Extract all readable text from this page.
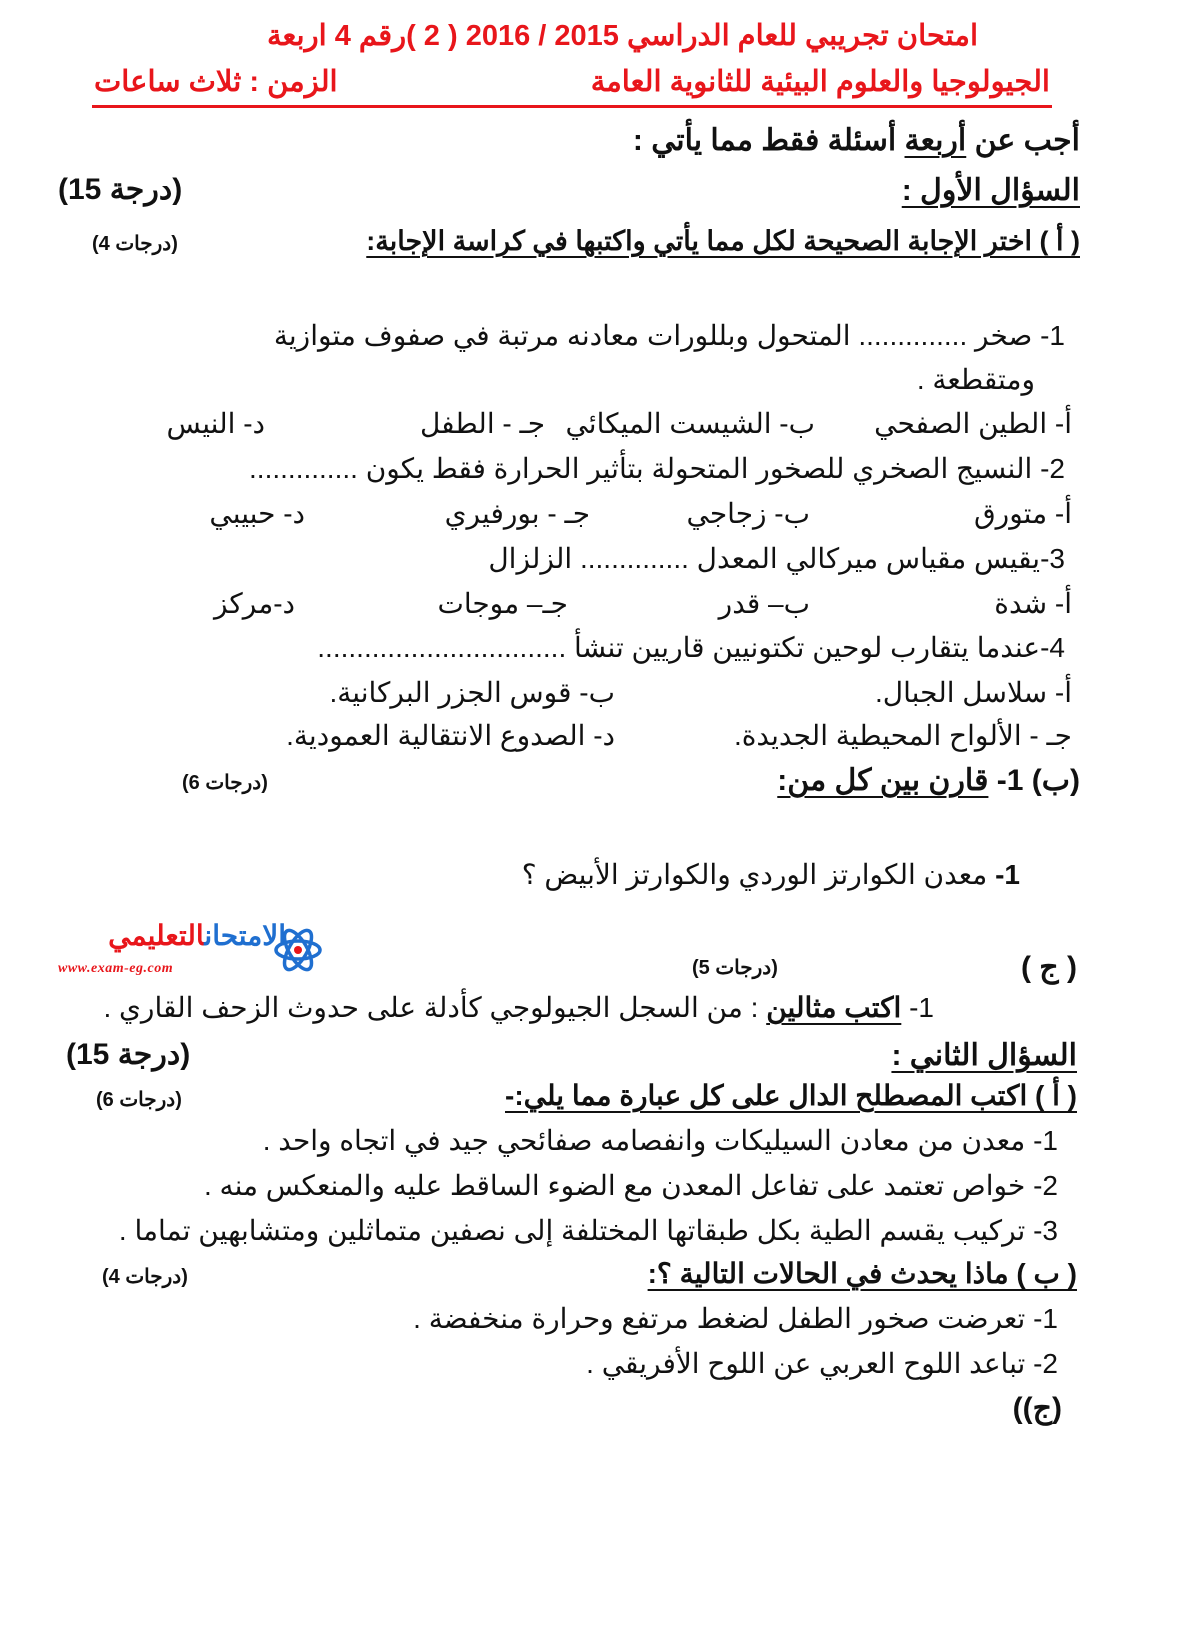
امتحان تجريبي للعام الدراسي 2015 / 2016 ( 2 )رقم 4 اربعة
الجيولوجيا والعلوم البيئية للثانوية العامة
الزمن : ثلاث ساعات
أجب عن أربعة أسئلة فقط مما يأتي :
السؤال الأول :
(15 درجة)
( أ ) اختر الإجابة الصحيحة لكل مما يأتي واكتبها في كراسة الإجابة:
(4 درجات)
1- صخر .............. المتحول وبللورات معادنه مرتبة في صفوف متوازية
ومتقطعة .
أ- الطين الصفحي
ب- الشيست الميكائي
جـ - الطفل
د- النيس
2- النسيج الصخري للصخور المتحولة بتأثير الحرارة فقط يكون ..............
أ- متورق
ب- زجاجي
جـ - بورفيري
د- حبيبي
3-يقيس مقياس ميركالي المعدل .............. الزلزال
أ- شدة
ب– قدر
جـ– موجات
د-مركز
4-عندما يتقارب لوحين تكتونيين قاريين تنشأ ................................
أ- سلاسل الجبال.
ب- قوس الجزر البركانية.
جـ - الألواح المحيطية الجديدة.
د- الصدوع الانتقالية العمودية.
(ب) 1- قارن بين كل من:
(6 درجات)
1- معدن الكوارتز الوردي والكوارتز الأبيض ؟
الامتحانالتعليمي
www.exam-eg.com	( ج )
(5 درجات)
1- اكتب مثالين : من السجل الجيولوجي كأدلة على حدوث الزحف القاري .
السؤال الثاني :
(15 درجة)
( أ ) اكتب المصطلح الدال على كل عبارة مما يلي:-
(6 درجات)
1- معدن من معادن السيليكات وانفصامه صفائحي جيد في اتجاه واحد .
2- خواص تعتمد على تفاعل المعدن مع الضوء الساقط عليه والمنعكس منه .
3- تركيب يقسم الطية بكل طبقاتها المختلفة إلى نصفين متماثلين ومتشابهين تماما .
( ب ) ماذا يحدث في الحالات التالية ؟:
(4 درجات)
1- تعرضت صخور الطفل لضغط مرتفع وحرارة منخفضة .
2- تباعد اللوح العربي عن اللوح الأفريقي .
(ج))
